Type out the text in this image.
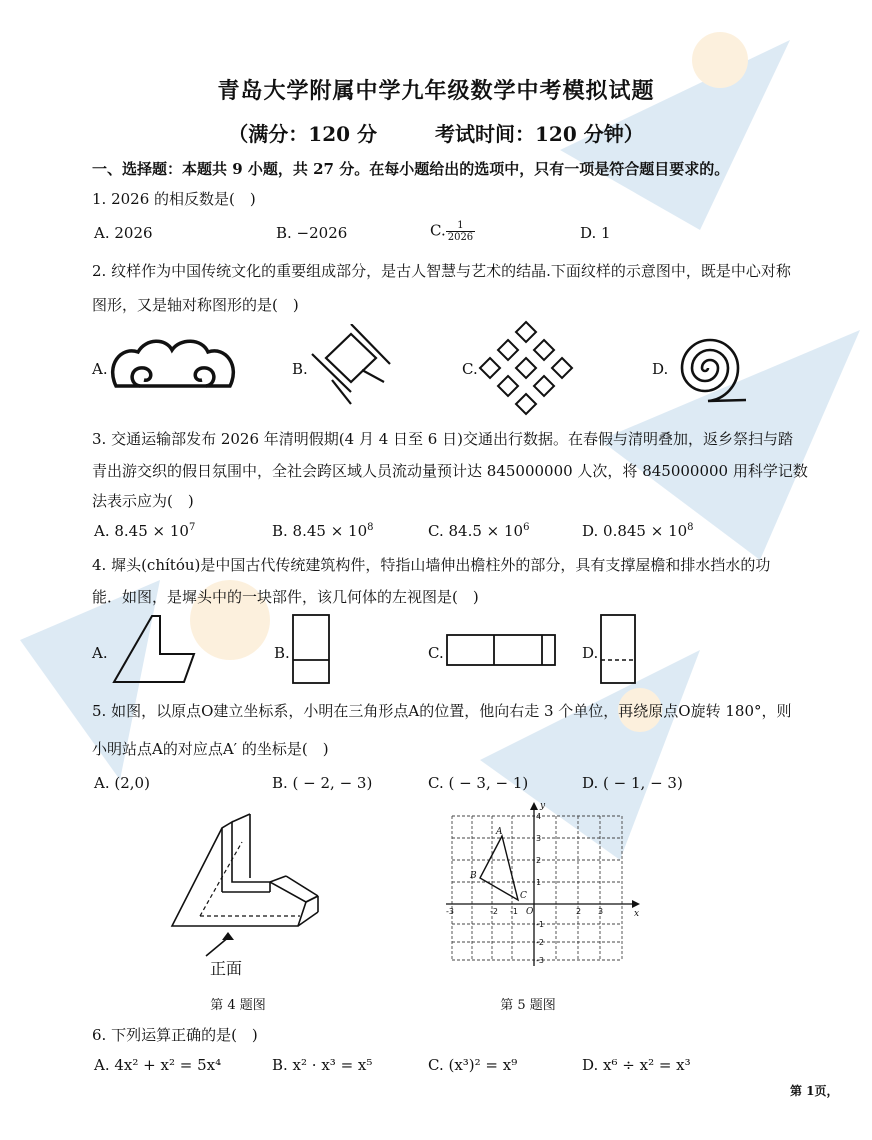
青岛大学附属中学九年级数学中考模拟试题
（满分：120 分	考试时间：120 分钟）
一、选择题：本题共 9 小题，共 27 分。在每小题给出的选项中，只有一项是符合题目要求的。
1. 2026 的相反数是(　)
A. 2026	B. −2026	C. $\frac{1}{2026}$	D. 1
2. 纹样作为中国传统文化的重要组成部分，是古人智慧与艺术的结晶.下面纹样的示意图中，既是中心对称
图形，又是轴对称图形的是(　)
A.	B.	C.	D.
3. 交通运输部发布 2026 年清明假期(4 月 4 日至 6 日)交通出行数据。在春假与清明叠加，返乡祭扫与踏
青出游交织的假日氛围中，全社会跨区域人员流动量预计达 845000000 人次，将 845000000 用科学记数
法表示应为(　)
A. $8.45 \times 10^7$	B. $8.45 \times 10^8$	C. $84.5 \times 10^6$	D. $0.845 \times 10^8$
4. 墀头(chítóu)是中国古代传统建筑构件，特指山墙伸出檐柱外的部分，具有支撑屋檐和排水挡水的功
能．如图，是墀头中的一块部件，该几何体的左视图是(　)
A.	B.	C.	D.
5. 如图，以原点O建立坐标系，小明在三角形点A的位置，他向右走 3 个单位，再绕原点O旋转 180°，则
小明站点A的对应点A′ 的坐标是(　)
A. (2,0)	B. ( − 2, − 3)	C. ( − 3, − 1)	D. ( − 1, − 3)
正面
第 4 题图
y
x
O
A
B
C
-3	-2 -1	2 3
4
3
2
1
-1
-2
-3
第 5 题图
6. 下列运算正确的是(　)
A. 4x² + x² = 5x⁴	B. x² · x³ = x⁵	C. (x³)² = x⁹	D. x⁶ ÷ x² = x³
第 1页，
